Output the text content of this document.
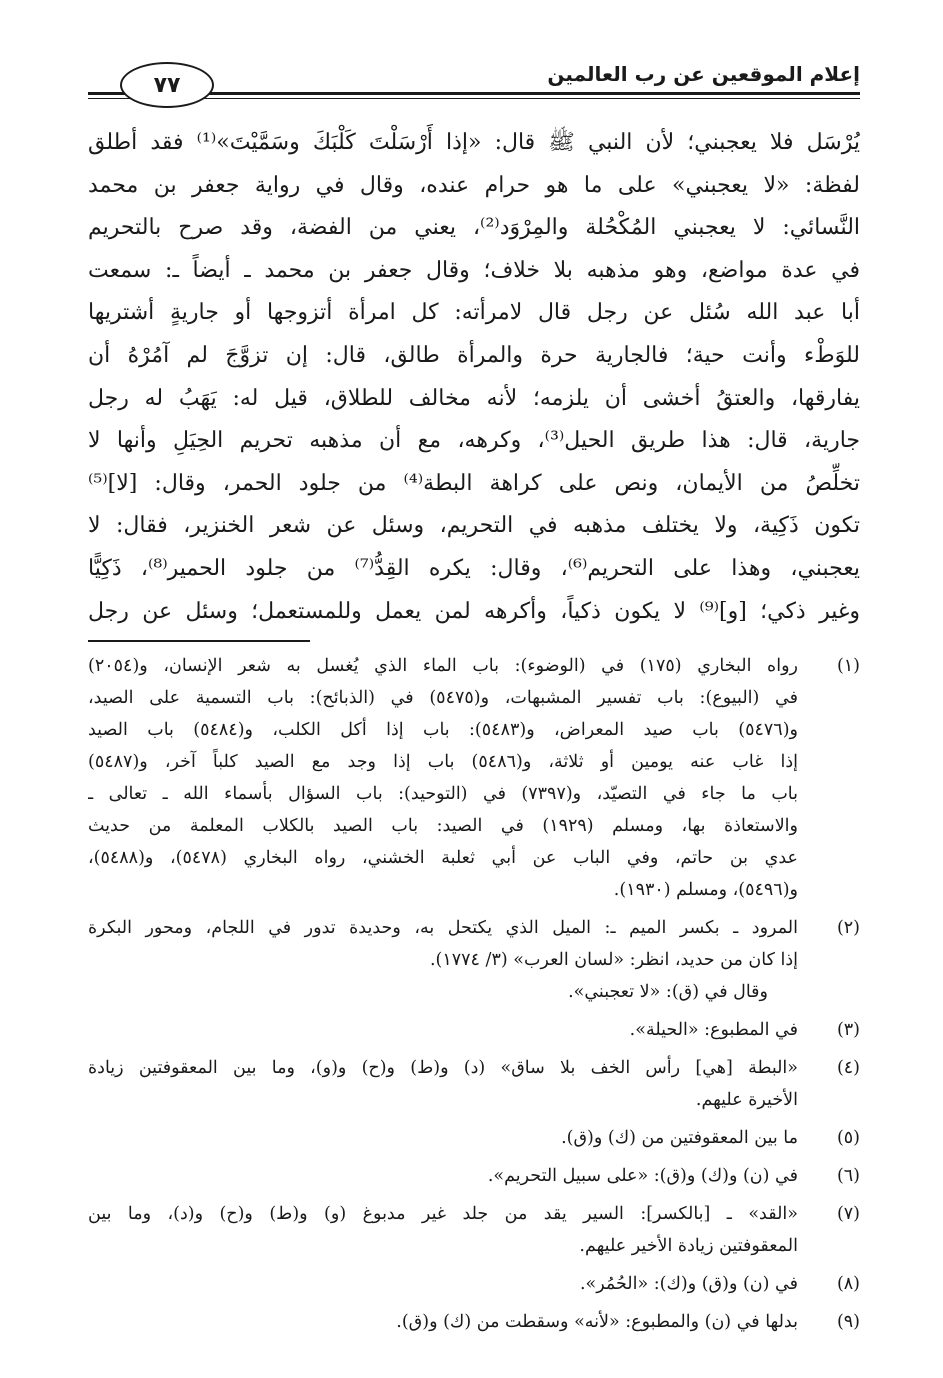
إعلام الموقعين عن رب العالمين
٧٧
يُرْسَل فلا يعجبني؛ لأن النبي ﷺ قال: «إذا أَرْسَلْتَ كَلْبَكَ وسَمَّيْتَ»⁽¹⁾ فقد أطلق
لفظة: «لا يعجبني» على ما هو حرام عنده، وقال في رواية جعفر بن محمد
النَّسائي: لا يعجبني المُكْحُلة والمِرْوَد⁽²⁾، يعني من الفضة، وقد صرح بالتحريم
في عدة مواضع، وهو مذهبه بلا خلاف؛ وقال جعفر بن محمد ـ أيضاً ـ: سمعت
أبا عبد الله سُئل عن رجل قال لامرأته: كل امرأة أتزوجها أو جاريةٍ أشتريها
للوَطْء وأنت حية؛ فالجارية حرة والمرأة طالق، قال: إن تزوَّجَ لم آمُرْهُ أن
يفارقها، والعتقُ أخشى أن يلزمه؛ لأنه مخالف للطلاق، قيل له: يَهَبُ له رجل
جارية، قال: هذا طريق الحيل⁽³⁾، وكرهه، مع أن مذهبه تحريم الحِيَلِ وأنها لا
تخلِّصُ من الأيمان، ونص على كراهة البطة⁽⁴⁾ من جلود الحمر، وقال: [لا]⁽⁵⁾
تكون ذَكِية، ولا يختلف مذهبه في التحريم، وسئل عن شعر الخنزير، فقال: لا
يعجبني، وهذا على التحريم⁽⁶⁾، وقال: يكره القِدُّ⁽⁷⁾ من جلود الحمير⁽⁸⁾، ذَكِيًّا
وغير ذكي؛ [و]⁽⁹⁾ لا يكون ذكياً، وأكرهه لمن يعمل وللمستعمل؛ وسئل عن رجل
(١)
رواه البخاري (١٧٥) في (الوضوء): باب الماء الذي يُغسل به شعر الإنسان، و(٢٠٥٤)
في (البيوع): باب تفسير المشبهات، و(٥٤٧٥) في (الذبائح): باب التسمية على الصيد،
و(٥٤٧٦) باب صيد المعراض، و(٥٤٨٣): باب إذا أكل الكلب، و(٥٤٨٤) باب الصيد
إذا غاب عنه يومين أو ثلاثة، و(٥٤٨٦) باب إذا وجد مع الصيد كلباً آخر، و(٥٤٨٧)
باب ما جاء في التصيّد، و(٧٣٩٧) في (التوحيد): باب السؤال بأسماء الله ـ تعالى ـ
والاستعاذة بها، ومسلم (١٩٢٩) في الصيد: باب الصيد بالكلاب المعلمة من حديث
عدي بن حاتم، وفي الباب عن أبي ثعلبة الخشني، رواه البخاري (٥٤٧٨)، و(٥٤٨٨)،
و(٥٤٩٦)، ومسلم (١٩٣٠).
(٢)
المرود ـ بكسر الميم ـ: الميل الذي يكتحل به، وحديدة تدور في اللجام، ومحور البكرة
إذا كان من حديد، انظر: «لسان العرب» (٣/ ١٧٧٤).
وقال في (ق): «لا تعجبني».
(٣)
في المطبوع: «الحيلة».
(٤)
«البطة [هي] رأس الخف بلا ساق» (د) و(ط) و(ح) و(و)، وما بين المعقوفتين زيادة
الأخيرة عليهم.
(٥)
ما بين المعقوفتين من (ك) و(ق).
(٦)
في (ن) و(ك) و(ق): «على سبيل التحريم».
(٧)
«القد» ـ [بالكسر]: السير يقد من جلد غير مدبوغ (و) و(ط) و(ح) و(د)، وما بين
المعقوفتين زيادة الأخير عليهم.
(٨)
في (ن) و(ق) و(ك): «الحُمُر».
(٩)
بدلها في (ن) والمطبوع: «لأنه» وسقطت من (ك) و(ق).
